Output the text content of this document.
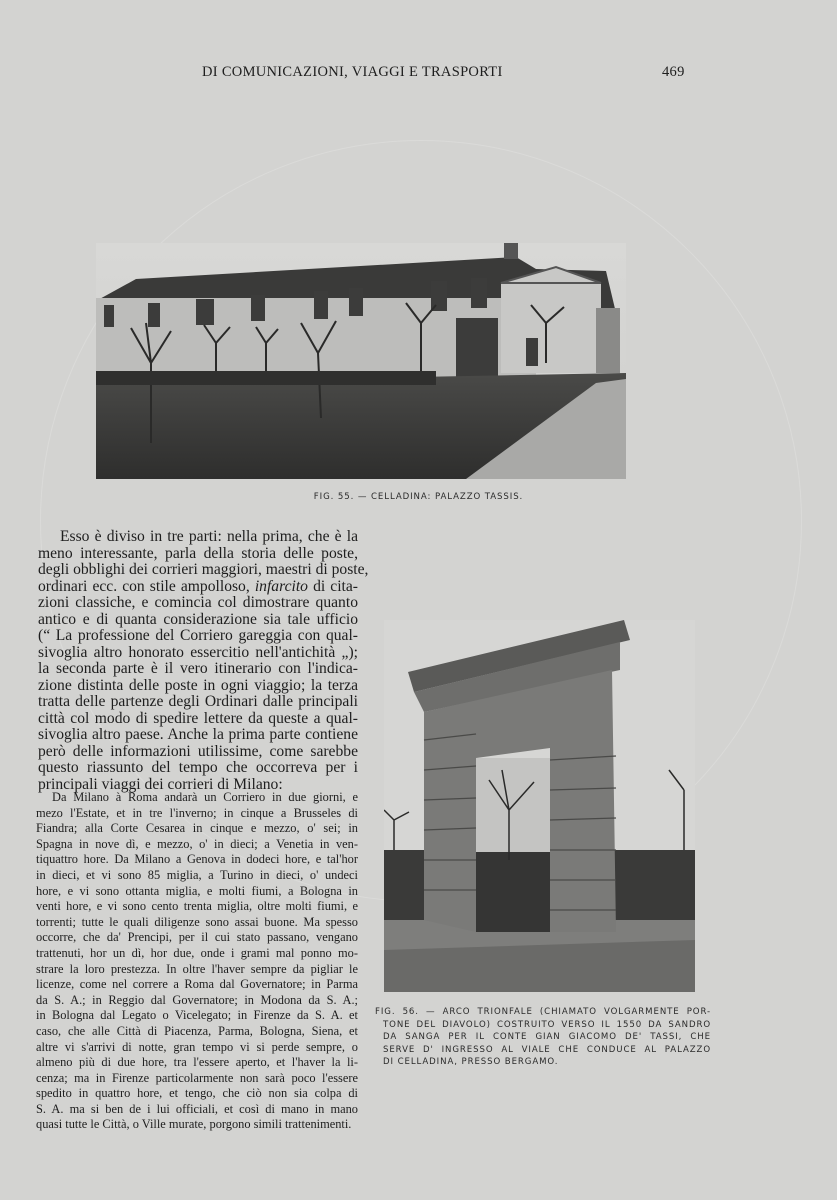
DI COMUNICAZIONI, VIAGGI E TRASPORTI	469
FIG. 55. — CELLADINA: PALAZZO TASSIS.
Esso è diviso in tre parti: nella prima, che è la
meno interessante, parla della storia delle poste,
degli obblighi dei corrieri maggiori, maestri di poste,
ordinari ecc. con stile ampolloso, infarcito di cita-
zioni classiche, e comincia col dimostrare quanto
antico e di quanta considerazione sia tale ufficio
(“ La professione del Corriero gareggia con qual-
sivoglia altro honorato essercitio nell'antichità „);
la seconda parte è il vero itinerario con l'indica-
zione distinta delle poste in ogni viaggio; la terza
tratta delle partenze degli Ordinari dalle principali
città col modo di spedire lettere da queste a qual-
sivoglia altro paese. Anche la prima parte contiene
però delle informazioni utilissime, come sarebbe
questo riassunto del tempo che occorreva per i
principali viaggi dei corrieri di Milano:
Da Milano à Roma andarà un Corriero in due giorni, e
mezo l'Estate, et in tre l'inverno; in cinque a Brusseles di
Fiandra; alla Corte Cesarea in cinque e mezzo, o' sei; in
Spagna in nove dì, e mezzo, o' in dieci; a Venetia in ven-
tiquattro hore. Da Milano a Genova in dodeci hore, e tal'hor
in dieci, et vi sono 85 miglia, a Turino in dieci, o' undeci
hore, e vi sono ottanta miglia, e molti fiumi, a Bologna in
venti hore, e vi sono cento trenta miglia, oltre molti fiumi, e
torrenti; tutte le quali diligenze sono assai buone. Ma spesso
occorre, che da' Prencipi, per il cui stato passano, vengano
trattenuti, hor un dì, hor due, onde i grami mal ponno mo-
strare la loro prestezza. In oltre l'haver sempre da pigliar le
licenze, come nel correre a Roma dal Governatore; in Parma
da S. A.; in Reggio dal Governatore; in Modona da S. A.;
in Bologna dal Legato o Vicelegato; in Firenze da S. A. et
caso, che alle Città di Piacenza, Parma, Bologna, Siena, et
altre vi s'arrivi di notte, gran tempo vi si perde sempre, o
almeno più di due hore, tra l'essere aperto, et l'haver la li-
cenza; ma in Firenze particolarmente non sarà poco l'essere
spedito in quattro hore, et tengo, che ciò non sia colpa di
S. A. ma si ben de i lui officiali, et così di mano in mano
quasi tutte le Città, o Ville murate, porgono simili trattenimenti.
FIG. 56. — ARCO TRIONFALE (CHIAMATO VOLGARMENTE POR-
TONE DEL DIAVOLO) COSTRUITO VERSO IL 1550 DA SANDRO
DA SANGA PER IL CONTE GIAN GIACOMO DE' TASSI, CHE
SERVE D' INGRESSO AL VIALE CHE CONDUCE AL PALAZZO
DI CELLADINA, PRESSO BERGAMO.
